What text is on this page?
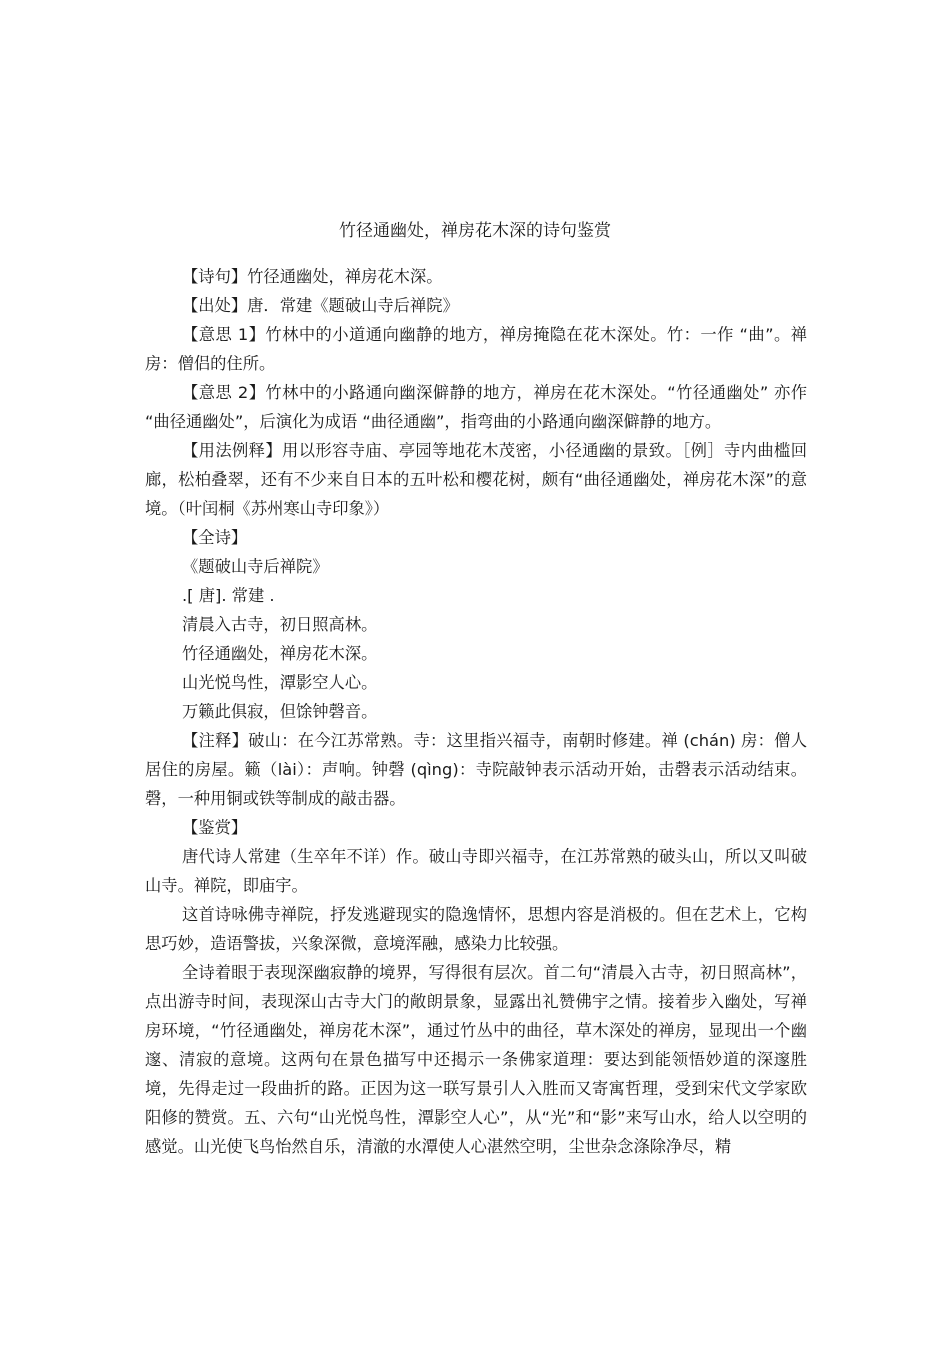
竹径通幽处，禅房花木深的诗句鉴赏

【诗句】竹径通幽处，禅房花木深。

【出处】唐．常建《题破山寺后禅院》

【意思 1】竹林中的小道通向幽静的地方，禅房掩隐在花木深处。竹：一作 “曲”。禅房：僧侣的住所。

【意思 2】竹林中的小路通向幽深僻静的地方，禅房在花木深处。“竹径通幽处” 亦作 “曲径通幽处”，后演化为成语 “曲径通幽”，指弯曲的小路通向幽深僻静的地方。

【用法例释】用以形容寺庙、亭园等地花木茂密，小径通幽的景致。［例］寺内曲槛回廊，松柏叠翠，还有不少来自日本的五叶松和樱花树，颇有“曲径通幽处，禅房花木深”的意境。（叶闰桐《苏州寒山寺印象》）

【全诗】

《题破山寺后禅院》

.[ 唐]. 常建 .

清晨入古寺，初日照高林。

竹径通幽处，禅房花木深。

山光悦鸟性，潭影空人心。

万籁此俱寂，但馀钟磬音。

【注释】破山：在今江苏常熟。寺：这里指兴福寺，南朝时修建。禅 (chán) 房：僧人居住的房屋。籁（lài）：声响。钟磬 (qìng)：寺院敲钟表示活动开始，击磬表示活动结束。磬，一种用铜或铁等制成的敲击器。

【鉴赏】

唐代诗人常建（生卒年不详）作。破山寺即兴福寺，在江苏常熟的破头山，所以又叫破山寺。禅院，即庙宇。

这首诗咏佛寺禅院，抒发逃避现实的隐逸情怀，思想内容是消极的。但在艺术上，它构思巧妙，造语警拔，兴象深微，意境浑融，感染力比较强。

全诗着眼于表现深幽寂静的境界，写得很有层次。首二句“清晨入古寺，初日照高林”，点出游寺时间，表现深山古寺大门的敞朗景象，显露出礼赞佛宇之情。接着步入幽处，写禅房环境，“竹径通幽处，禅房花木深”，通过竹丛中的曲径，草木深处的禅房，显现出一个幽邃、清寂的意境。这两句在景色描写中还揭示一条佛家道理：要达到能领悟妙道的深邃胜境，先得走过一段曲折的路。正因为这一联写景引人入胜而又寄寓哲理，受到宋代文学家欧阳修的赞赏。五、六句“山光悦鸟性，潭影空人心”，从“光”和“影”来写山水，给人以空明的感觉。山光使飞鸟怡然自乐，清澈的水潭使人心湛然空明，尘世杂念涤除净尽，精
